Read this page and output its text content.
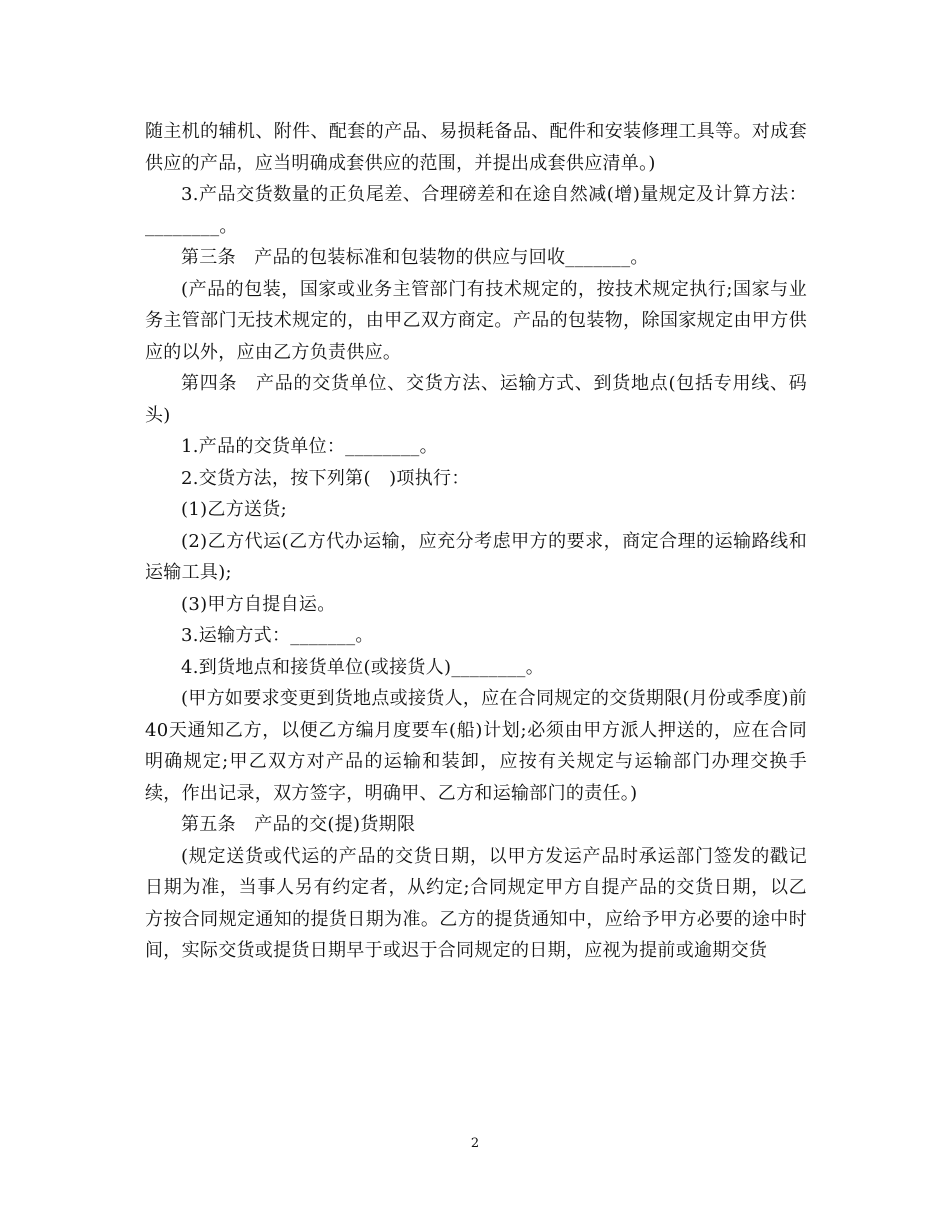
随主机的辅机、附件、配套的产品、易损耗备品、配件和安装修理工具等。对成套供应的产品，应当明确成套供应的范围，并提出成套供应清单。)

3.产品交货数量的正负尾差、合理磅差和在途自然减(增)量规定及计算方法：________。

第三条　产品的包装标准和包装物的供应与回收_______。

(产品的包装，国家或业务主管部门有技术规定的，按技术规定执行;国家与业务主管部门无技术规定的，由甲乙双方商定。产品的包装物，除国家规定由甲方供应的以外，应由乙方负责供应。

第四条　产品的交货单位、交货方法、运输方式、到货地点(包括专用线、码头)

1.产品的交货单位：________。

2.交货方法，按下列第(　)项执行：

(1)乙方送货;

(2)乙方代运(乙方代办运输，应充分考虑甲方的要求，商定合理的运输路线和运输工具);

(3)甲方自提自运。

3.运输方式：_______。

4.到货地点和接货单位(或接货人)________。

(甲方如要求变更到货地点或接货人，应在合同规定的交货期限(月份或季度)前40天通知乙方，以便乙方编月度要车(船)计划;必须由甲方派人押送的，应在合同明确规定;甲乙双方对产品的运输和装卸，应按有关规定与运输部门办理交换手续，作出记录，双方签字，明确甲、乙方和运输部门的责任。)

第五条　产品的交(提)货期限

(规定送货或代运的产品的交货日期，以甲方发运产品时承运部门签发的戳记日期为准，当事人另有约定者，从约定;合同规定甲方自提产品的交货日期，以乙方按合同规定通知的提货日期为准。乙方的提货通知中，应给予甲方必要的途中时间，实际交货或提货日期早于或迟于合同规定的日期，应视为提前或逾期交货

2
